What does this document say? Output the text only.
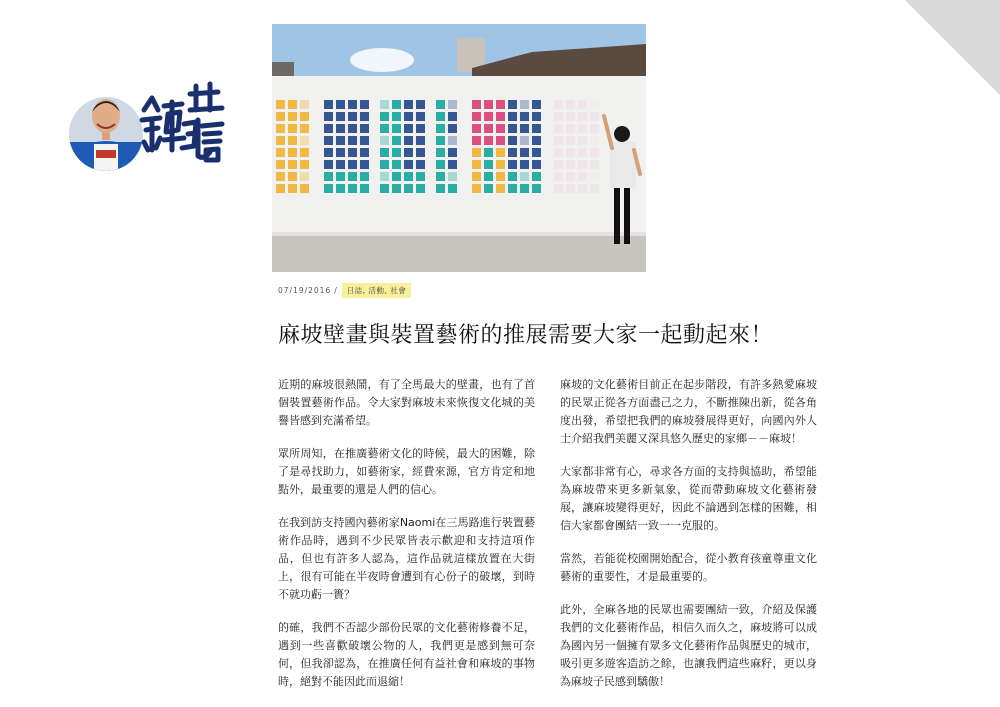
07/19/2016 /	日誌, 活動, 社會
麻坡壁畫與裝置藝術的推展需要大家一起動起來！

近期的麻坡很熱鬧，有了全馬最大的壁畫，也有了首個裝置藝術作品。令大家對麻坡未來恢復文化城的美譽皆感到充滿希望。

眾所周知，在推廣藝術文化的時候，最大的困難，除了是尋找助力，如藝術家，經費來源，官方肯定和地點外，最重要的還是人們的信心。

在我到訪支持國內藝術家Naomi在三馬路進行裝置藝術作品時，遇到不少民眾皆表示歡迎和支持這項作品，但也有許多人認為，這作品就這樣放置在大街上，很有可能在半夜時會遭到有心份子的破壞，到時不就功虧一簣？

的確，我們不否認少部份民眾的文化藝術修養不足，遇到一些喜歡破壞公物的人，我們更是感到無可奈何，但我卻認為，在推廣任何有益社會和麻坡的事物時，絕對不能因此而退縮！

麻坡的文化藝術目前正在起步階段，有許多熱愛麻坡的民眾正從各方面盡己之力，不斷推陳出新，從各角度出發，希望把我們的麻坡發展得更好，向國內外人士介紹我們美麗又深具悠久歷史的家鄉－－麻坡！

大家都非常有心，尋求各方面的支持與協助，希望能為麻坡帶來更多新氣象，從而帶動麻坡文化藝術發展，讓麻坡變得更好，因此不論遇到怎樣的困難，相信大家都會團結一致一一克服的。

當然，若能從校園開始配合，從小教育孩童尊重文化藝術的重要性，才是最重要的。

此外，全麻各地的民眾也需要團結一致，介紹及保護我們的文化藝術作品，相信久而久之，麻坡將可以成為國內另一個擁有眾多文化藝術作品與歷史的城市，吸引更多遊客造訪之餘，也讓我們這些麻籽，更以身為麻坡子民感到驕傲！
